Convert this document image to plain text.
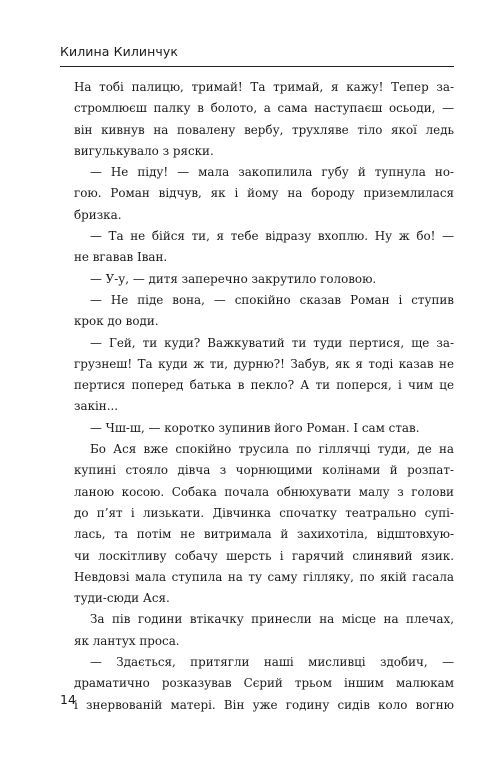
Килина Килинчук
На тобі палицю, тримай! Та тримай, я кажу! Тепер за-
стромлюєш палку в болото, а сама наступаєш осьоди, —
він кивнув на повалену вербу, трухляве тіло якої ледь
вигулькувало з ряски.
— Не піду! — мала закопилила губу й тупнула но-
гою. Роман відчув, як і йому на бороду приземлилася
бризка.
— Та не бійся ти, я тебе відразу вхоплю. Ну ж бо! —
не вгавав Іван.
— У-у, — дитя заперечно закрутило головою.
— Не піде вона, — спокійно сказав Роман і ступив
крок до води.
— Гей, ти куди? Важкуватий ти туди пертися, ще за-
грузнеш! Та куди ж ти, дурню?! Забув, як я тоді казав не
пертися поперед батька в пекло? А ти поперся, і чим це
закін...
— Чш-ш, — коротко зупинив його Роман. І сам став.
Бо Ася вже спокійно трусила по гіллячці туди, де на
купині стояло дівча з чорнющими колінами й розпат-
ланою косою. Собака почала обнюхувати малу з голови
до п’ят і лизькати. Дівчинка спочатку театрально супі-
лась, та потім не витримала й захихотіла, відштовхую-
чи лоскітливу собачу шерсть і гарячий слинявий язик.
Невдовзі мала ступила на ту саму гілляку, по якій гасала
туди-сюди Ася.
За пів години втікачку принесли на місце на плечах,
як лантух проса.
— Здається, притягли наші мисливці здобич, —
драматично розказував Сєрий трьом іншим малюкам
і знервованій матері. Він уже годину сидів коло вогню
14
